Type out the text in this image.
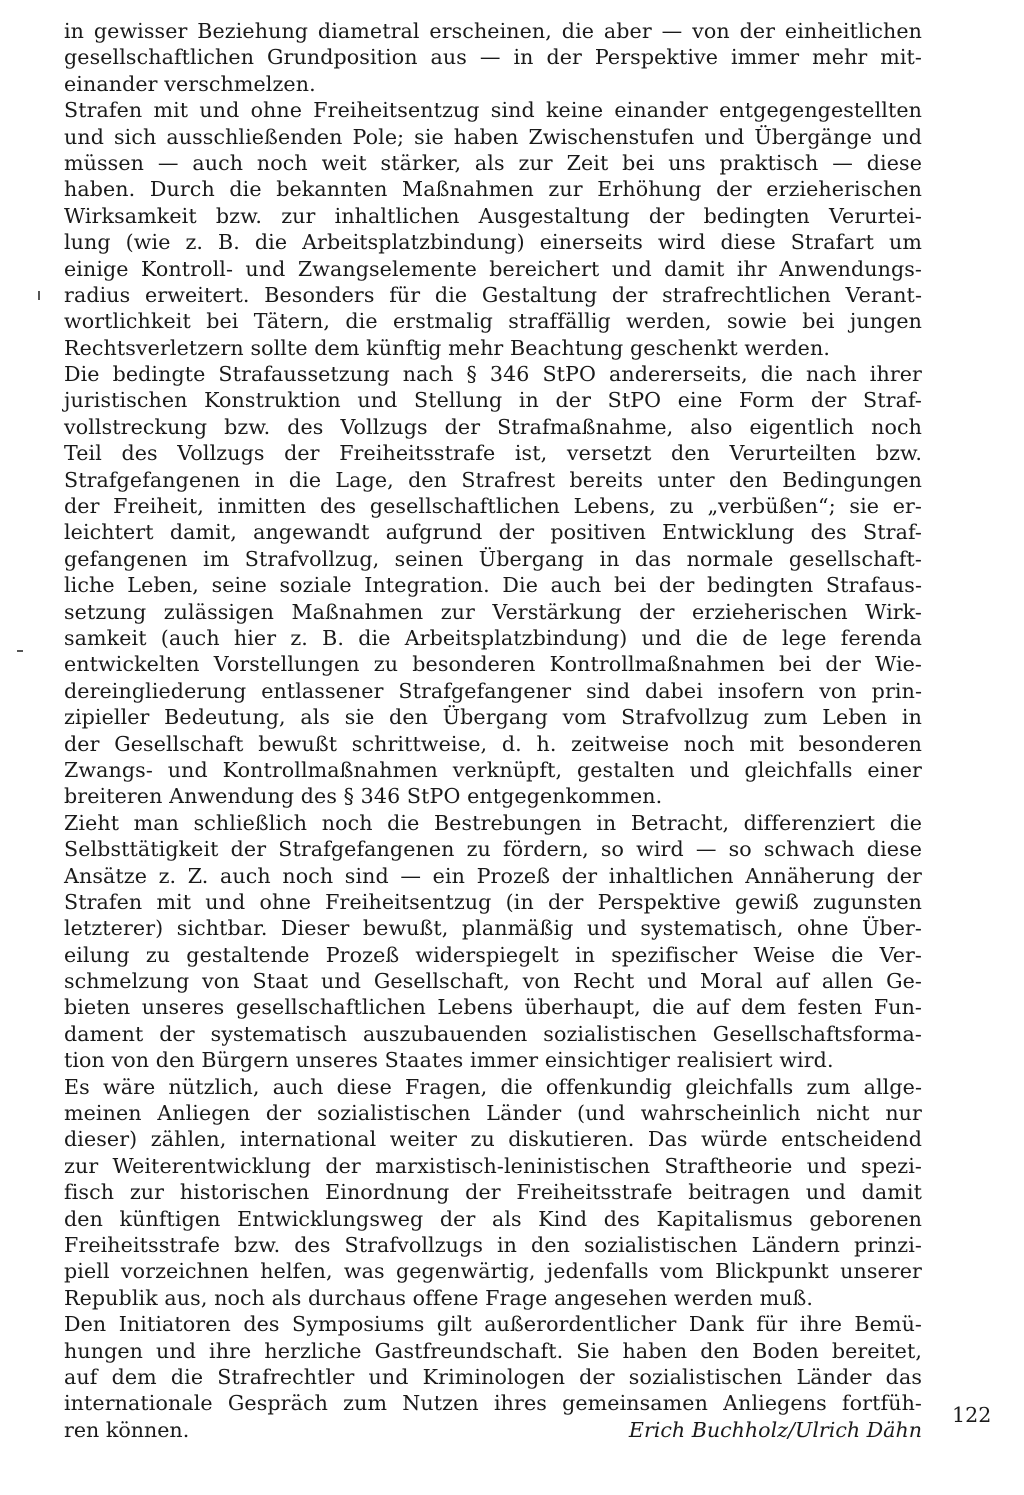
in gewisser Beziehung diametral erscheinen, die aber — von der einheitlichen
gesellschaftlichen Grundposition aus — in der Perspektive immer mehr mit-
einander verschmelzen.
Strafen mit und ohne Freiheitsentzug sind keine einander entgegengestellten
und sich ausschließenden Pole; sie haben Zwischenstufen und Übergänge und
müssen — auch noch weit stärker, als zur Zeit bei uns praktisch — diese
haben. Durch die bekannten Maßnahmen zur Erhöhung der erzieherischen
Wirksamkeit bzw. zur inhaltlichen Ausgestaltung der bedingten Verurtei-
lung (wie z. B. die Arbeitsplatzbindung) einerseits wird diese Strafart um
einige Kontroll- und Zwangselemente bereichert und damit ihr Anwendungs-
radius erweitert. Besonders für die Gestaltung der strafrechtlichen Verant-
wortlichkeit bei Tätern, die erstmalig straffällig werden, sowie bei jungen
Rechtsverletzern sollte dem künftig mehr Beachtung geschenkt werden.
Die bedingte Strafaussetzung nach § 346 StPO andererseits, die nach ihrer
juristischen Konstruktion und Stellung in der StPO eine Form der Straf-
vollstreckung bzw. des Vollzugs der Strafmaßnahme, also eigentlich noch
Teil des Vollzugs der Freiheitsstrafe ist, versetzt den Verurteilten bzw.
Strafgefangenen in die Lage, den Strafrest bereits unter den Bedingungen
der Freiheit, inmitten des gesellschaftlichen Lebens, zu „verbüßen“; sie er-
leichtert damit, angewandt aufgrund der positiven Entwicklung des Straf-
gefangenen im Strafvollzug, seinen Übergang in das normale gesellschaft-
liche Leben, seine soziale Integration. Die auch bei der bedingten Strafaus-
setzung zulässigen Maßnahmen zur Verstärkung der erzieherischen Wirk-
samkeit (auch hier z. B. die Arbeitsplatzbindung) und die de lege ferenda
entwickelten Vorstellungen zu besonderen Kontrollmaßnahmen bei der Wie-
dereingliederung entlassener Strafgefangener sind dabei insofern von prin-
zipieller Bedeutung, als sie den Übergang vom Strafvollzug zum Leben in
der Gesellschaft bewußt schrittweise, d. h. zeitweise noch mit besonderen
Zwangs- und Kontrollmaßnahmen verknüpft, gestalten und gleichfalls einer
breiteren Anwendung des § 346 StPO entgegenkommen.
Zieht man schließlich noch die Bestrebungen in Betracht, differenziert die
Selbsttätigkeit der Strafgefangenen zu fördern, so wird — so schwach diese
Ansätze z. Z. auch noch sind — ein Prozeß der inhaltlichen Annäherung der
Strafen mit und ohne Freiheitsentzug (in der Perspektive gewiß zugunsten
letzterer) sichtbar. Dieser bewußt, planmäßig und systematisch, ohne Über-
eilung zu gestaltende Prozeß widerspiegelt in spezifischer Weise die Ver-
schmelzung von Staat und Gesellschaft, von Recht und Moral auf allen Ge-
bieten unseres gesellschaftlichen Lebens überhaupt, die auf dem festen Fun-
dament der systematisch auszubauenden sozialistischen Gesellschaftsforma-
tion von den Bürgern unseres Staates immer einsichtiger realisiert wird.
Es wäre nützlich, auch diese Fragen, die offenkundig gleichfalls zum allge-
meinen Anliegen der sozialistischen Länder (und wahrscheinlich nicht nur
dieser) zählen, international weiter zu diskutieren. Das würde entscheidend
zur Weiterentwicklung der marxistisch-leninistischen Straftheorie und spezi-
fisch zur historischen Einordnung der Freiheitsstrafe beitragen und damit
den künftigen Entwicklungsweg der als Kind des Kapitalismus geborenen
Freiheitsstrafe bzw. des Strafvollzugs in den sozialistischen Ländern prinzi-
piell vorzeichnen helfen, was gegenwärtig, jedenfalls vom Blickpunkt unserer
Republik aus, noch als durchaus offene Frage angesehen werden muß.
Den Initiatoren des Symposiums gilt außerordentlicher Dank für ihre Bemü-
hungen und ihre herzliche Gastfreundschaft. Sie haben den Boden bereitet,
auf dem die Strafrechtler und Kriminologen der sozialistischen Länder das
internationale Gespräch zum Nutzen ihres gemeinsamen Anliegens fortfüh-
ren können.	Erich Buchholz/Ulrich Dähn
122
